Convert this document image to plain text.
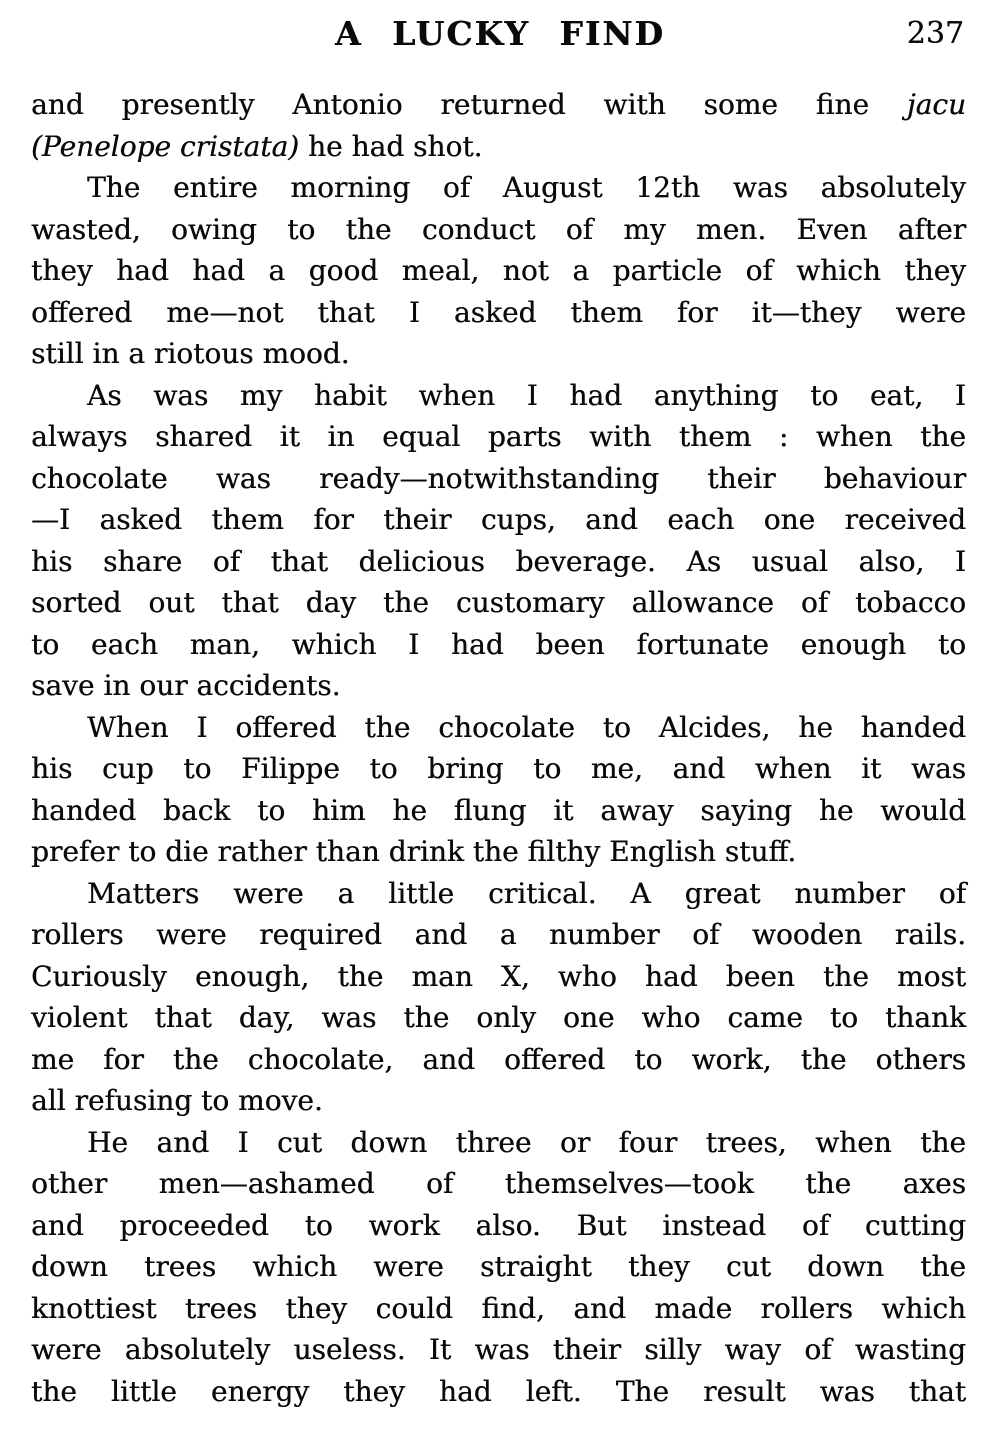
A LUCKY FIND	237
and presently Antonio returned with some fine jacu
(Penelope cristata) he had shot.
The entire morning of August 12th was absolutely
wasted, owing to the conduct of my men. Even after
they had had a good meal, not a particle of which they
offered me—not that I asked them for it—they were
still in a riotous mood.
As was my habit when I had anything to eat, I
always shared it in equal parts with them : when the
chocolate was ready—notwithstanding their behaviour
—I asked them for their cups, and each one received
his share of that delicious beverage. As usual also, I
sorted out that day the customary allowance of tobacco
to each man, which I had been fortunate enough to
save in our accidents.
When I offered the chocolate to Alcides, he handed
his cup to Filippe to bring to me, and when it was
handed back to him he flung it away saying he would
prefer to die rather than drink the filthy English stuff.
Matters were a little critical. A great number of
rollers were required and a number of wooden rails.
Curiously enough, the man X, who had been the most
violent that day, was the only one who came to thank
me for the chocolate, and offered to work, the others
all refusing to move.
He and I cut down three or four trees, when the
other men—ashamed of themselves—took the axes
and proceeded to work also. But instead of cutting
down trees which were straight they cut down the
knottiest trees they could find, and made rollers which
were absolutely useless. It was their silly way of wasting
the little energy they had left. The result was that
